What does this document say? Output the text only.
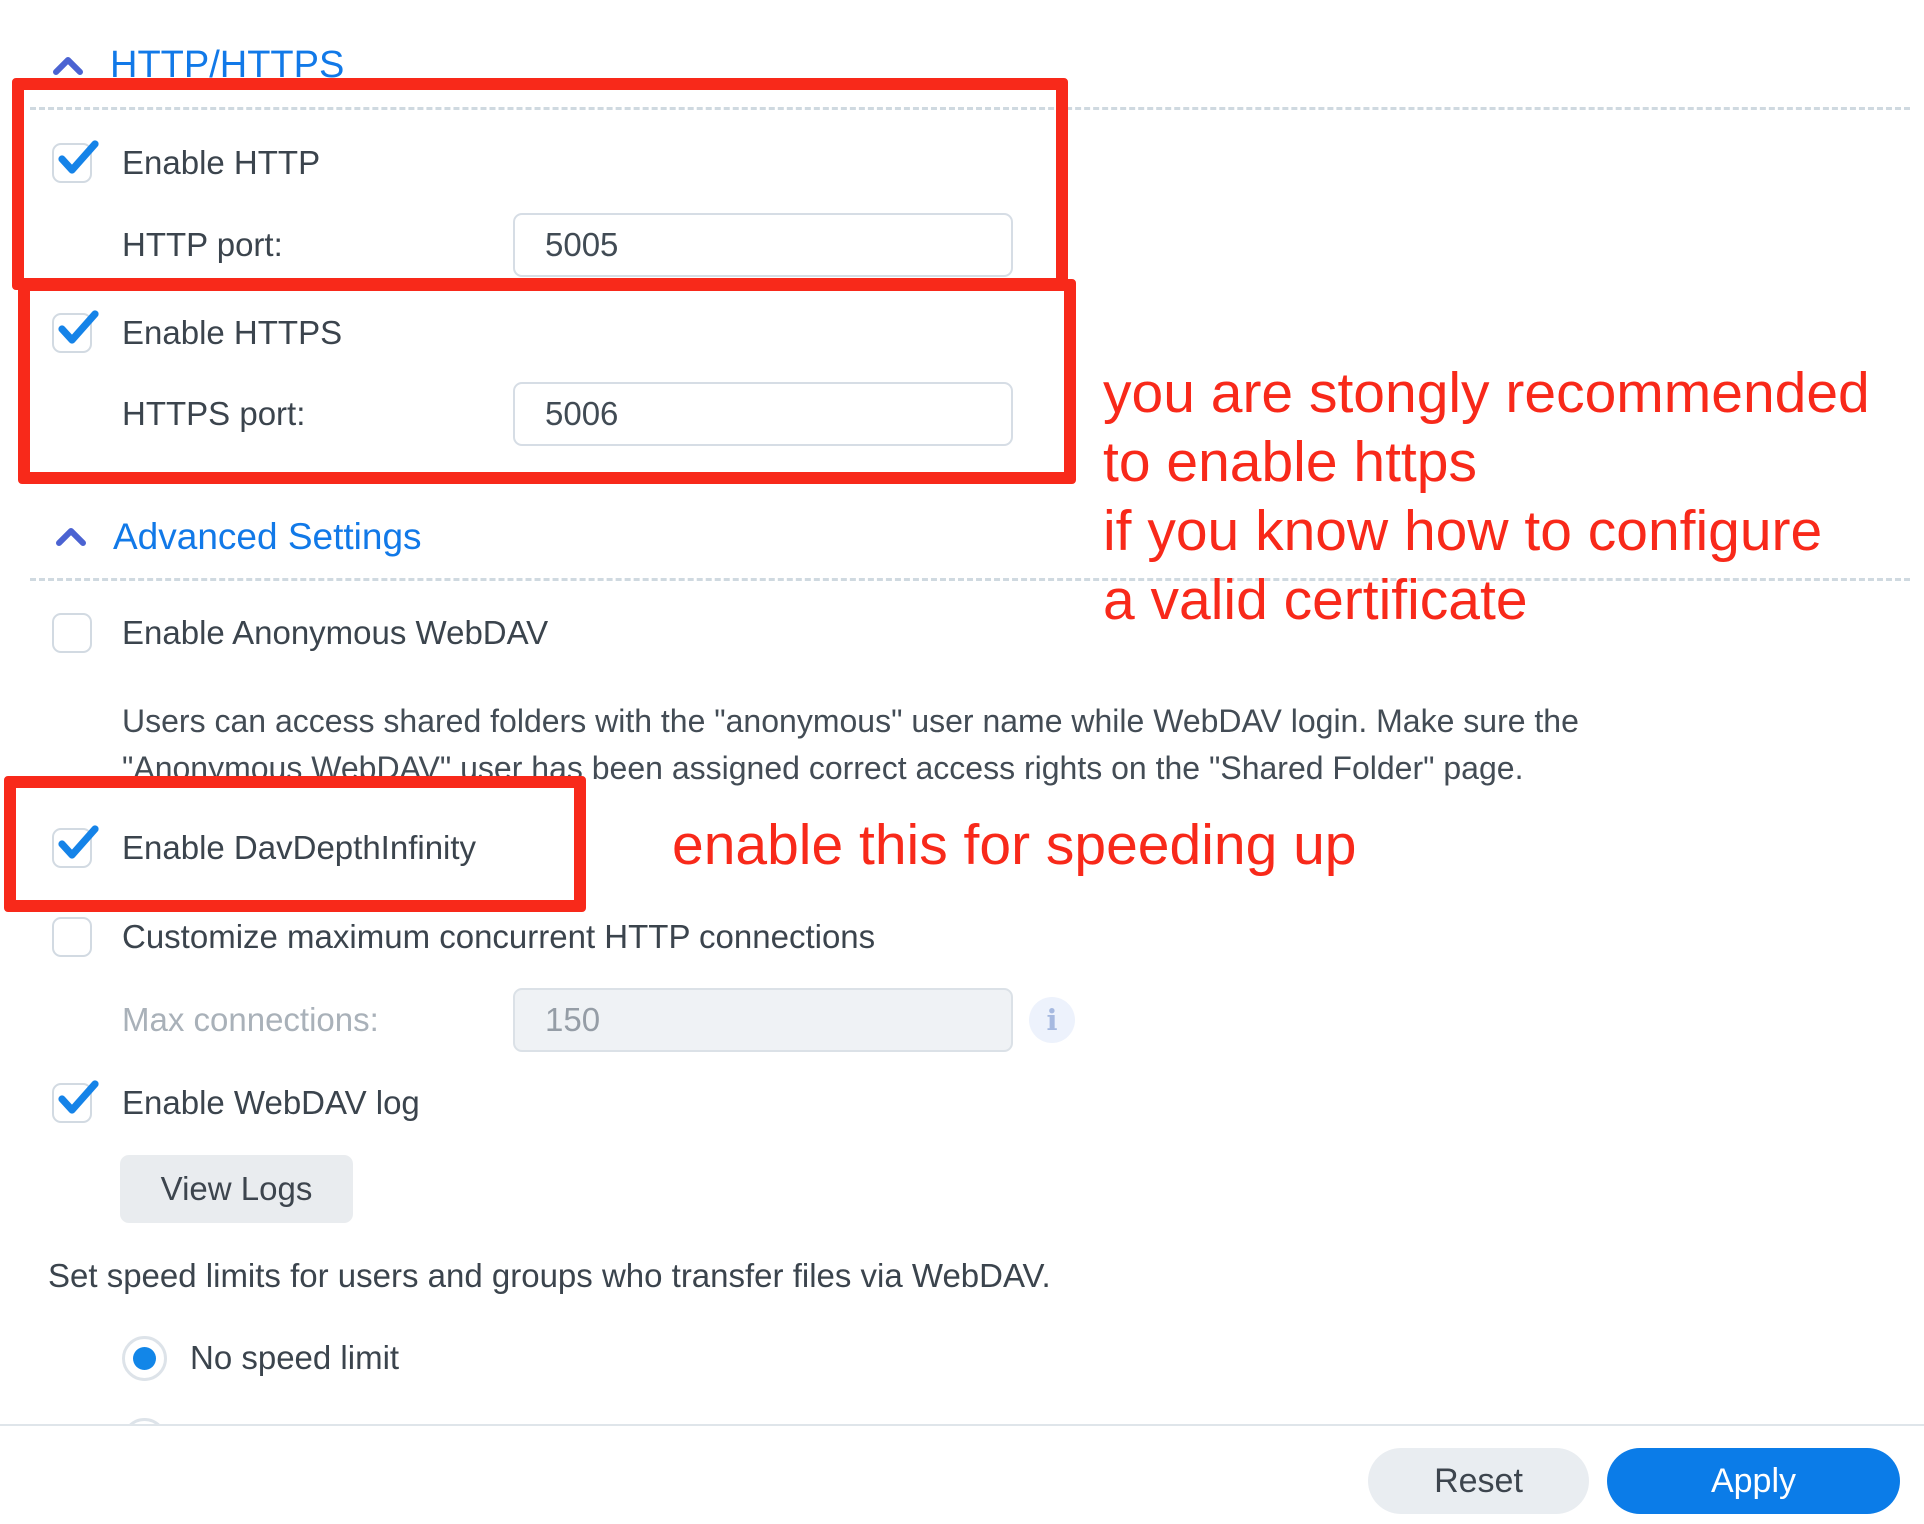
HTTP/HTTPS
Enable HTTP
HTTP port:	5005
Enable HTTPS
HTTPS port:	5006
Advanced Settings
Enable Anonymous WebDAV
Users can access shared folders with the "anonymous" user name while WebDAV login. Make sure the
"Anonymous WebDAV" user has been assigned correct access rights on the "Shared Folder" page.
Enable DavDepthInfinity
Customize maximum concurrent HTTP connections
Max connections:	150	i
Enable WebDAV log
View Logs
Set speed limits for users and groups who transfer files via WebDAV.
No speed limit
Reset	Apply
you are stongly recommended
to enable https
if you know how to configure
a valid certificate
enable this for speeding up
